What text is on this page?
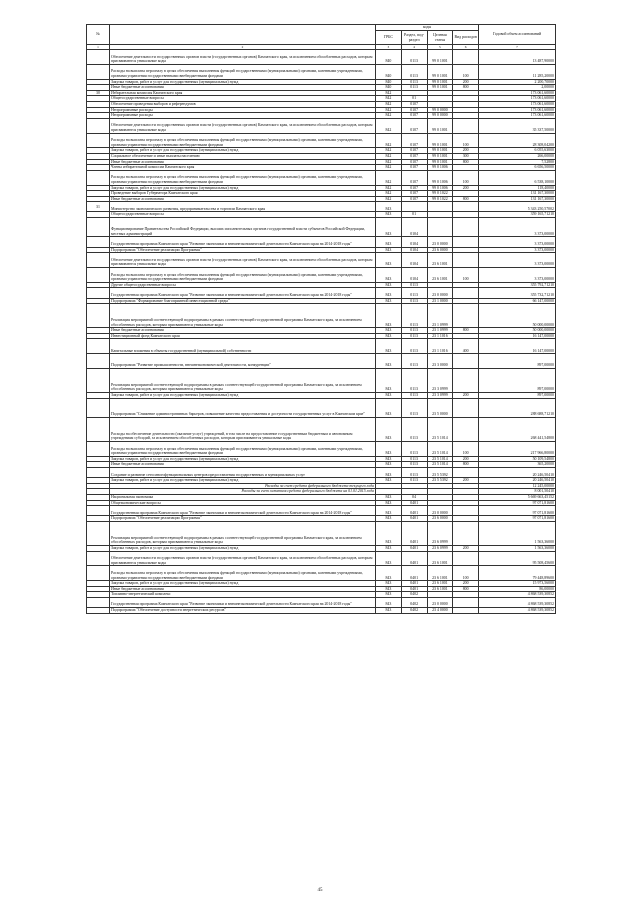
№		коды				Годовой объем ассигнований
		ГРБС	Раздел, под-раздел	Целевая статья	Вид расходов	
1	2	3	4	5	6	7
	Обеспечение деятельности государственных органов власти (государственных органов) Камчатского края, за исключением обособленных расходов, которым присваиваются уникальные коды	840	0113	99 0 1001		13 487,90000
	Расходы на выплаты персоналу в целях обеспечения выполнения функций государственными (муниципальными) органами, казенными учреждениями, органами управления государственными внебюджетными фондами	840	0113	99 0 1001	100	11 285,20000
	Закупка товаров, работ и услуг для государственных (муниципальных) нужд	840	0113	99 0 1001	200	2 200,70000
	Иные бюджетные ассигнования	840	0113	99 0 1001	800	2,00000
30	Избирательная комиссия Камчатского края	842				173 061,60000
	Общегосударственные вопросы	842	01			173 061,60000
	Обеспечение проведения выборов и референдумов	842	0107			173 061,60000
	Непрограммные расходы	842	0107	99 0 0000		173 061,60000
	Непрограммные расходы	842	0107	99 0 0000		173 061,60000
	Обеспечение деятельности государственных органов власти (государственных органов) Камчатского края, за исключением обособленных расходов, которым присваиваются уникальные коды	842	0107	99 0 1001		35 337,50000
	Расходы на выплаты персоналу в целях обеспечения выполнения функций государственными (муниципальными) органами, казенными учреждениями, органами управления государственными внебюджетными фондами	842	0107	99 0 1001	100	28 308,04200
	Закупка товаров, работ и услуг для государственных (муниципальных) нужд	842	0107	99 0 1001	200	6 055,63000
	Социальное обеспечение и иные выплаты населению	842	0107	99 0 1001	300	266,00000
	Иные бюджетные ассигнования	842	0107	99 0 1001	800	7,52800
	Члены избирательной комиссии Камчатского края	842	0107	99 0 1006		6 656,50000
	Расходы на выплаты персоналу в целях обеспечения выполнения функций государственными (муниципальными) органами, казенными учреждениями, органами управления государственными внебюджетными фондами	842	0107	99 0 1006	100	6 538,10000
	Закупка товаров, работ и услуг для государственных (муниципальных) нужд	842	0107	99 0 1006	200	118,40000
	Проведение выборов Губернатора Камчатского края	842	0107	99 0 1022		131 167,30000
	Иные бюджетные ассигнования	842	0107	99 0 1022	800	131 167,30000
31	Министерство экономического развития, предпринимательства и торговли Камчатского края	843				5 343 250,57002
	Общегосударственные вопросы	843	01			359 165,71210
	Функционирование Правительства Российской Федерации, высших исполнительных органов государственной власти субъектов Российской Федерации, местных администраций	843	0104			3 373,00000
	Государственная программа Камчатского края "Развитие экономики и внешнеэкономической деятельности Камчатского края на 2014-2018 годы"	843	0104	23 0 0000		3 373,00000
	Подпрограмма "Обеспечение реализации Программы"	843	0104	23 6 0000		3 373,00000
	Обеспечение деятельности государственных органов власти (государственных органов) Камчатского края, за исключением обособленных расходов, которым присваиваются уникальные коды	843	0104	23 6 1001		3 373,00000
	Расходы на выплаты персоналу в целях обеспечения выполнения функций государственными (муниципальными) органами, казенными учреждениями, органами управления государственными внебюджетными фондами	843	0104	23 6 1001	100	3 373,00000
	Другие общегосударственные вопросы	843	0113			355 792,71210
	Государственная программа Камчатского края "Развитие экономики и внешнеэкономической деятельности Камчатского края на 2014-2018 годы"	843	0113	23 0 0000		355 732,71210
	Подпрограмма "Формирование благоприятной инвестиционной среды"	843	0113	23 1 0000		66 147,00000
	Реализация мероприятий соответствующей подпрограммы в рамках соответствующей государственной программы Камчатского края, за исключением обособленных расходов, которым присваиваются уникальные коды	843	0113	23 1 0999		50 000,00000
	Иные бюджетные ассигнования	843	0113	23 1 0999	800	50 000,00000
	Инвестиционный фонд Камчатского края	843	0113	23 1 1016		16 147,00000
	Капитальные вложения в объекты государственной (муниципальной) собственности	843	0113	23 1 1016	400	16 147,00000
	Подпрограмма "Развитие промышленности, внешнеэкономической деятельности, конкуренции"	843	0113	23 3 0000		897,00000
	Реализация мероприятий соответствующей подпрограммы в рамках соответствующей государственной программы Камчатского края, за исключением обособленных расходов, которым присваиваются уникальные коды	843	0113	23 3 0999		897,00000
	Закупка товаров, работ и услуг для государственных (муниципальных) нужд	843	0113	23 3 0999	200	897,00000
	Подпрограмма "Снижение административных барьеров, повышение качества предоставления и доступности государственных услуг в Камчатском крае"	843	0113	23 5 0000		288 688,71210
	Расходы на обеспечение деятельности (оказание услуг) учреждений, в том числе на предоставление государственным бюджетным и автономным учреждениям субсидий, за исключением обособленных расходов, которым присваиваются уникальные коды	843	0113	23 5 1014		268 441,54800
	Расходы на выплаты персоналу в целях обеспечения выполнения функций государственными (муниципальными) органами, казенными учреждениями, органами управления государственными внебюджетными фондами	843	0113	23 5 1014	100	217 966,80000
	Закупка товаров, работ и услуг для государственных (муниципальных) нужд	843	0113	23 5 1014	200	50 109,54800
	Иные бюджетные ассигнования	843	0113	23 5 1014	800	365,20000
	Создание и развитие сети многофункциональных центров предоставления государственных и муниципальных услуг	843	0113	23 5 5392		20 246,50410
	Закупка товаров, работ и услуг для государственных (муниципальных) нужд	843	0113	23 5 5392	200	20 246,50410
	Расходы за счет средств федерального бюджета текущего года					12 245,00000
	Расходы за счет остатков средств федерального бюджета на 01.01.2015 года					8 001,50410
	Национальная экономика	843	04			5 669 663,45152
	Общеэкономические вопросы	843	0401			97 071,81600
	Государственная программа Камчатского края "Развитие экономики и внешнеэкономической деятельности Камчатского края на 2014-2018 годы"	843	0401	23 0 0000		97 071,81600
	Подпрограмма "Обеспечение реализации Программы"	843	0401	23 6 0000		97 071,81600
	Реализация мероприятий соответствующей подпрограммы в рамках соответствующей государственной программы Камчатского края, за исключением обособленных расходов, которым присваиваются уникальные коды	843	0401	23 6 0999		1 563,36000
	Закупка товаров, работ и услуг для государственных (муниципальных) нужд	843	0401	23 6 0999	200	1 563,36000
	Обеспечение деятельности государственных органов власти (государственных органов) Камчатского края, за исключением обособленных расходов, которым присваиваются уникальные коды	843	0401	23 6 1001		95 508,45600
	Расходы на выплаты персоналу в целях обеспечения выполнения функций государственными (муниципальными) органами, казенными учреждениями, органами управления государственными внебюджетными фондами	843	0401	23 6 1001	100	79 448,89600
	Закупка товаров, работ и услуг для государственных (муниципальных) нужд	843	0401	23 6 1001	200	15 973,56000
	Иные бюджетные ассигнования	843	0401	23 6 1001	800	86,00000
	Топливно-энергетический комплекс	843	0402			4 868 539,30852
	Государственная программа Камчатского края "Развитие экономики и внешнеэкономической деятельности Камчатского края на 2014-2018 годы"	843	0402	23 0 0000		4 868 539,30852
	Подпрограмма "Обеспечение доступности энергетических ресурсов"	843	0402	23 4 0000		4 868 539,30852
45
